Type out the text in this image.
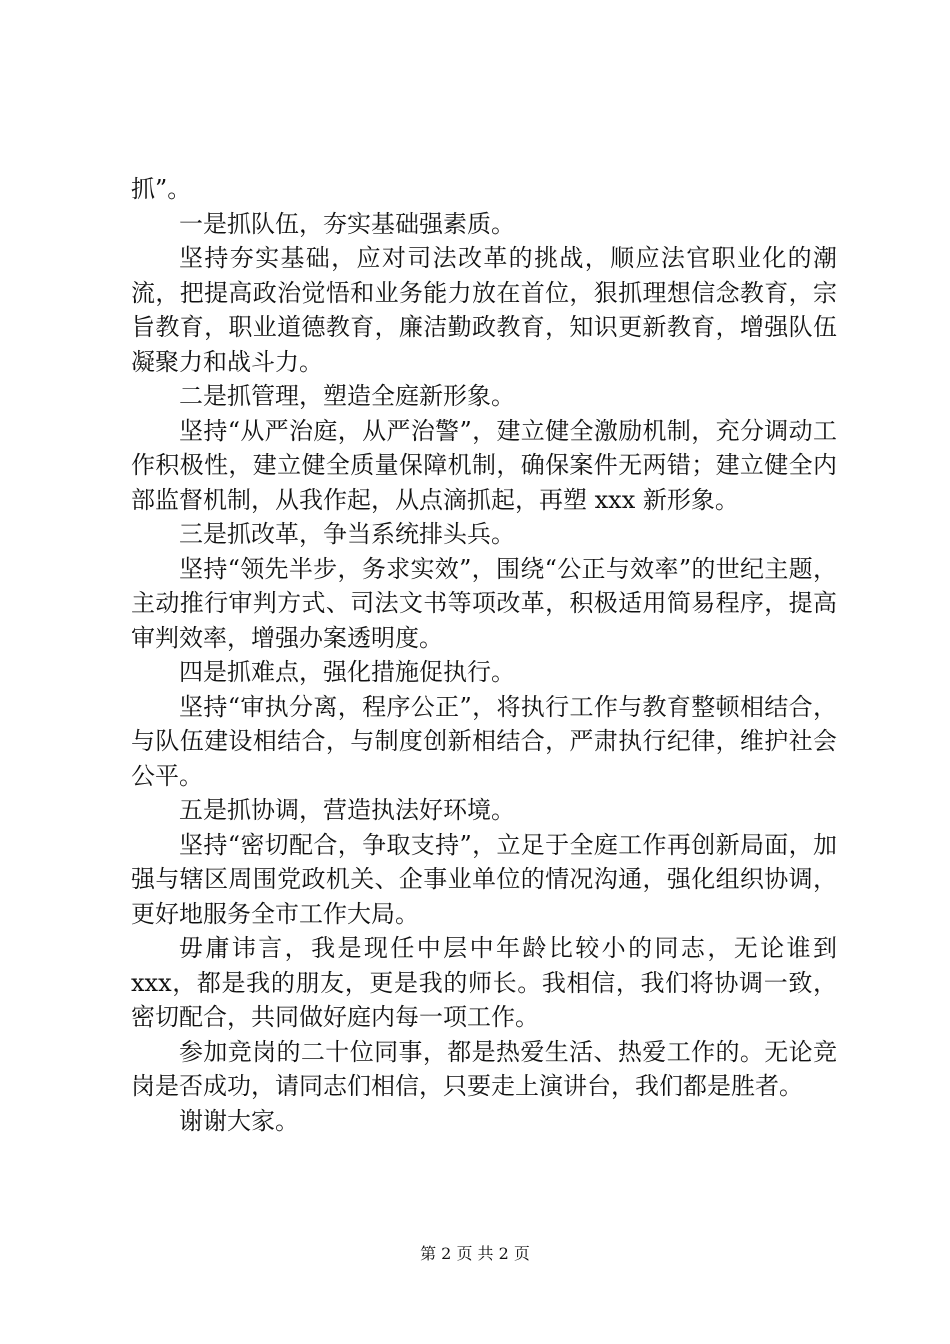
抓”。

一是抓队伍，夯实基础强素质。

坚持夯实基础，应对司法改革的挑战，顺应法官职业化的潮流，把提高政治觉悟和业务能力放在首位，狠抓理想信念教育，宗旨教育，职业道德教育，廉洁勤政教育，知识更新教育，增强队伍凝聚力和战斗力。

二是抓管理，塑造全庭新形象。

坚持“从严治庭，从严治警”，建立健全激励机制，充分调动工作积极性，建立健全质量保障机制，确保案件无两错；建立健全内部监督机制，从我作起，从点滴抓起，再塑 xxx 新形象。

三是抓改革，争当系统排头兵。

坚持“领先半步，务求实效”，围绕“公正与效率”的世纪主题，主动推行审判方式、司法文书等项改革，积极适用简易程序，提高审判效率，增强办案透明度。

四是抓难点，强化措施促执行。

坚持“审执分离，程序公正”，将执行工作与教育整顿相结合，与队伍建设相结合，与制度创新相结合，严肃执行纪律，维护社会公平。

五是抓协调，营造执法好环境。

坚持“密切配合，争取支持”，立足于全庭工作再创新局面，加强与辖区周围党政机关、企事业单位的情况沟通，强化组织协调，更好地服务全市工作大局。

毋庸讳言，我是现任中层中年龄比较小的同志，无论谁到 xxx，都是我的朋友，更是我的师长。我相信，我们将协调一致，密切配合，共同做好庭内每一项工作。

参加竞岗的二十位同事，都是热爱生活、热爱工作的。无论竞岗是否成功，请同志们相信，只要走上演讲台，我们都是胜者。

谢谢大家。

第 2 页 共 2 页
